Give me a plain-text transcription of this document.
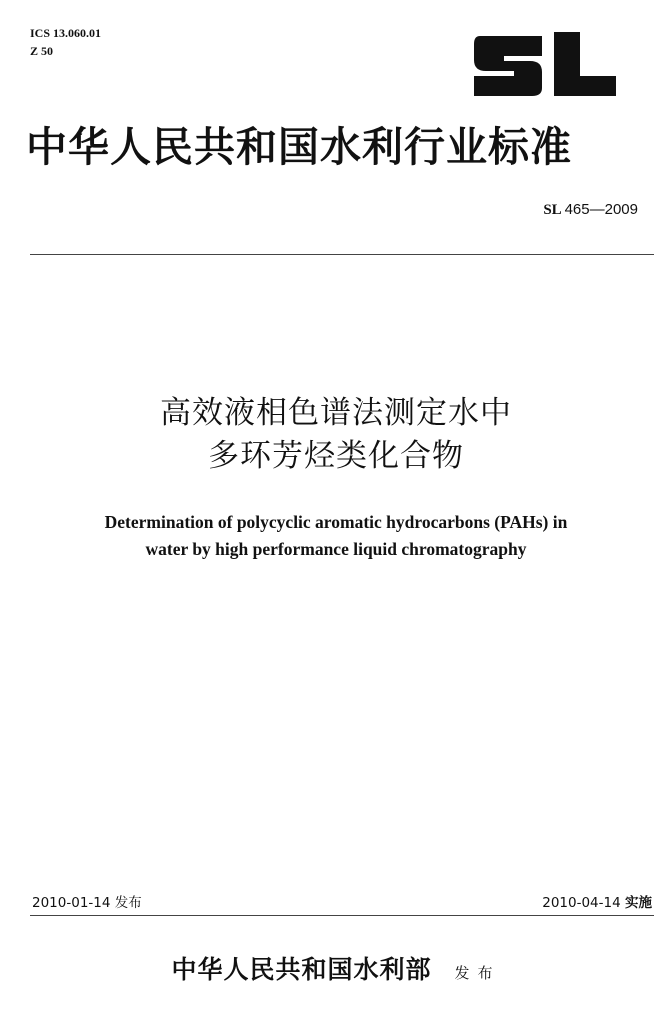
ICS 13.060.01
Z 50
中华人民共和国水利行业标准
SL 465—2009
高效液相色谱法测定水中
多环芳烃类化合物
Determination of polycyclic aromatic hydrocarbons (PAHs) in
water by high performance liquid chromatography
2010-01-14 发布	2010-04-14 实施
中华人民共和国水利部 发布
